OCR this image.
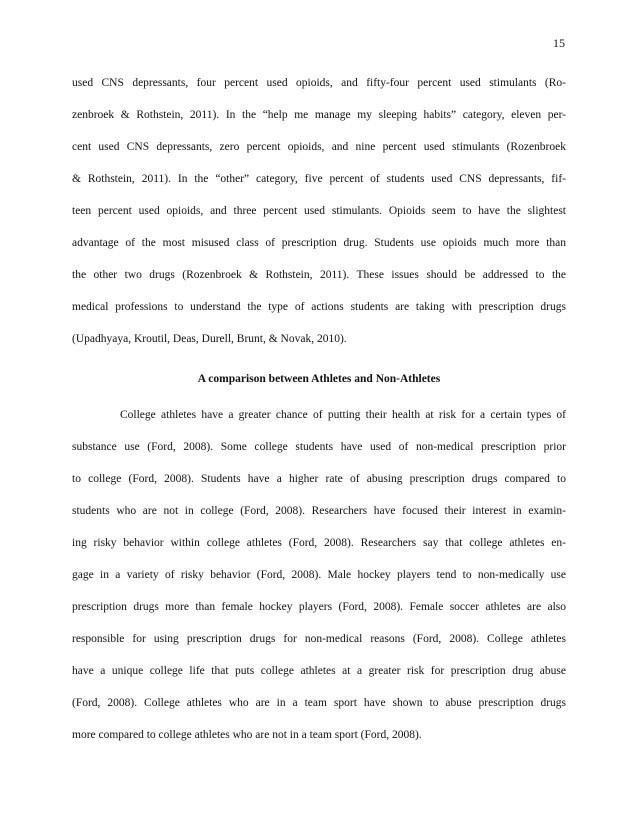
15
used CNS depressants, four percent used opioids, and fifty-four percent used stimulants (Ro-
zenbroek & Rothstein, 2011). In the “help me manage my sleeping habits” category, eleven per-
cent used CNS depressants, zero percent opioids, and nine percent used stimulants (Rozenbroek
& Rothstein, 2011). In the “other” category, five percent of students used CNS depressants, fif-
teen percent used opioids, and three percent used stimulants. Opioids seem to have the slightest
advantage of the most misused class of prescription drug. Students use opioids much more than
the other two drugs (Rozenbroek & Rothstein, 2011). These issues should be addressed to the
medical professions to understand the type of actions students are taking with prescription drugs
(Upadhyaya, Kroutil, Deas, Durell, Brunt, & Novak, 2010).
A comparison between Athletes and Non-Athletes
College athletes have a greater chance of putting their health at risk for a certain types of
substance use (Ford, 2008). Some college students have used of non-medical prescription prior
to college (Ford, 2008). Students have a higher rate of abusing prescription drugs compared to
students who are not in college (Ford, 2008). Researchers have focused their interest in examin-
ing risky behavior within college athletes (Ford, 2008). Researchers say that college athletes en-
gage in a variety of risky behavior (Ford, 2008). Male hockey players tend to non-medically use
prescription drugs more than female hockey players (Ford, 2008). Female soccer athletes are also
responsible for using prescription drugs for non-medical reasons (Ford, 2008). College athletes
have a unique college life that puts college athletes at a greater risk for prescription drug abuse
(Ford, 2008). College athletes who are in a team sport have shown to abuse prescription drugs
more compared to college athletes who are not in a team sport (Ford, 2008).
